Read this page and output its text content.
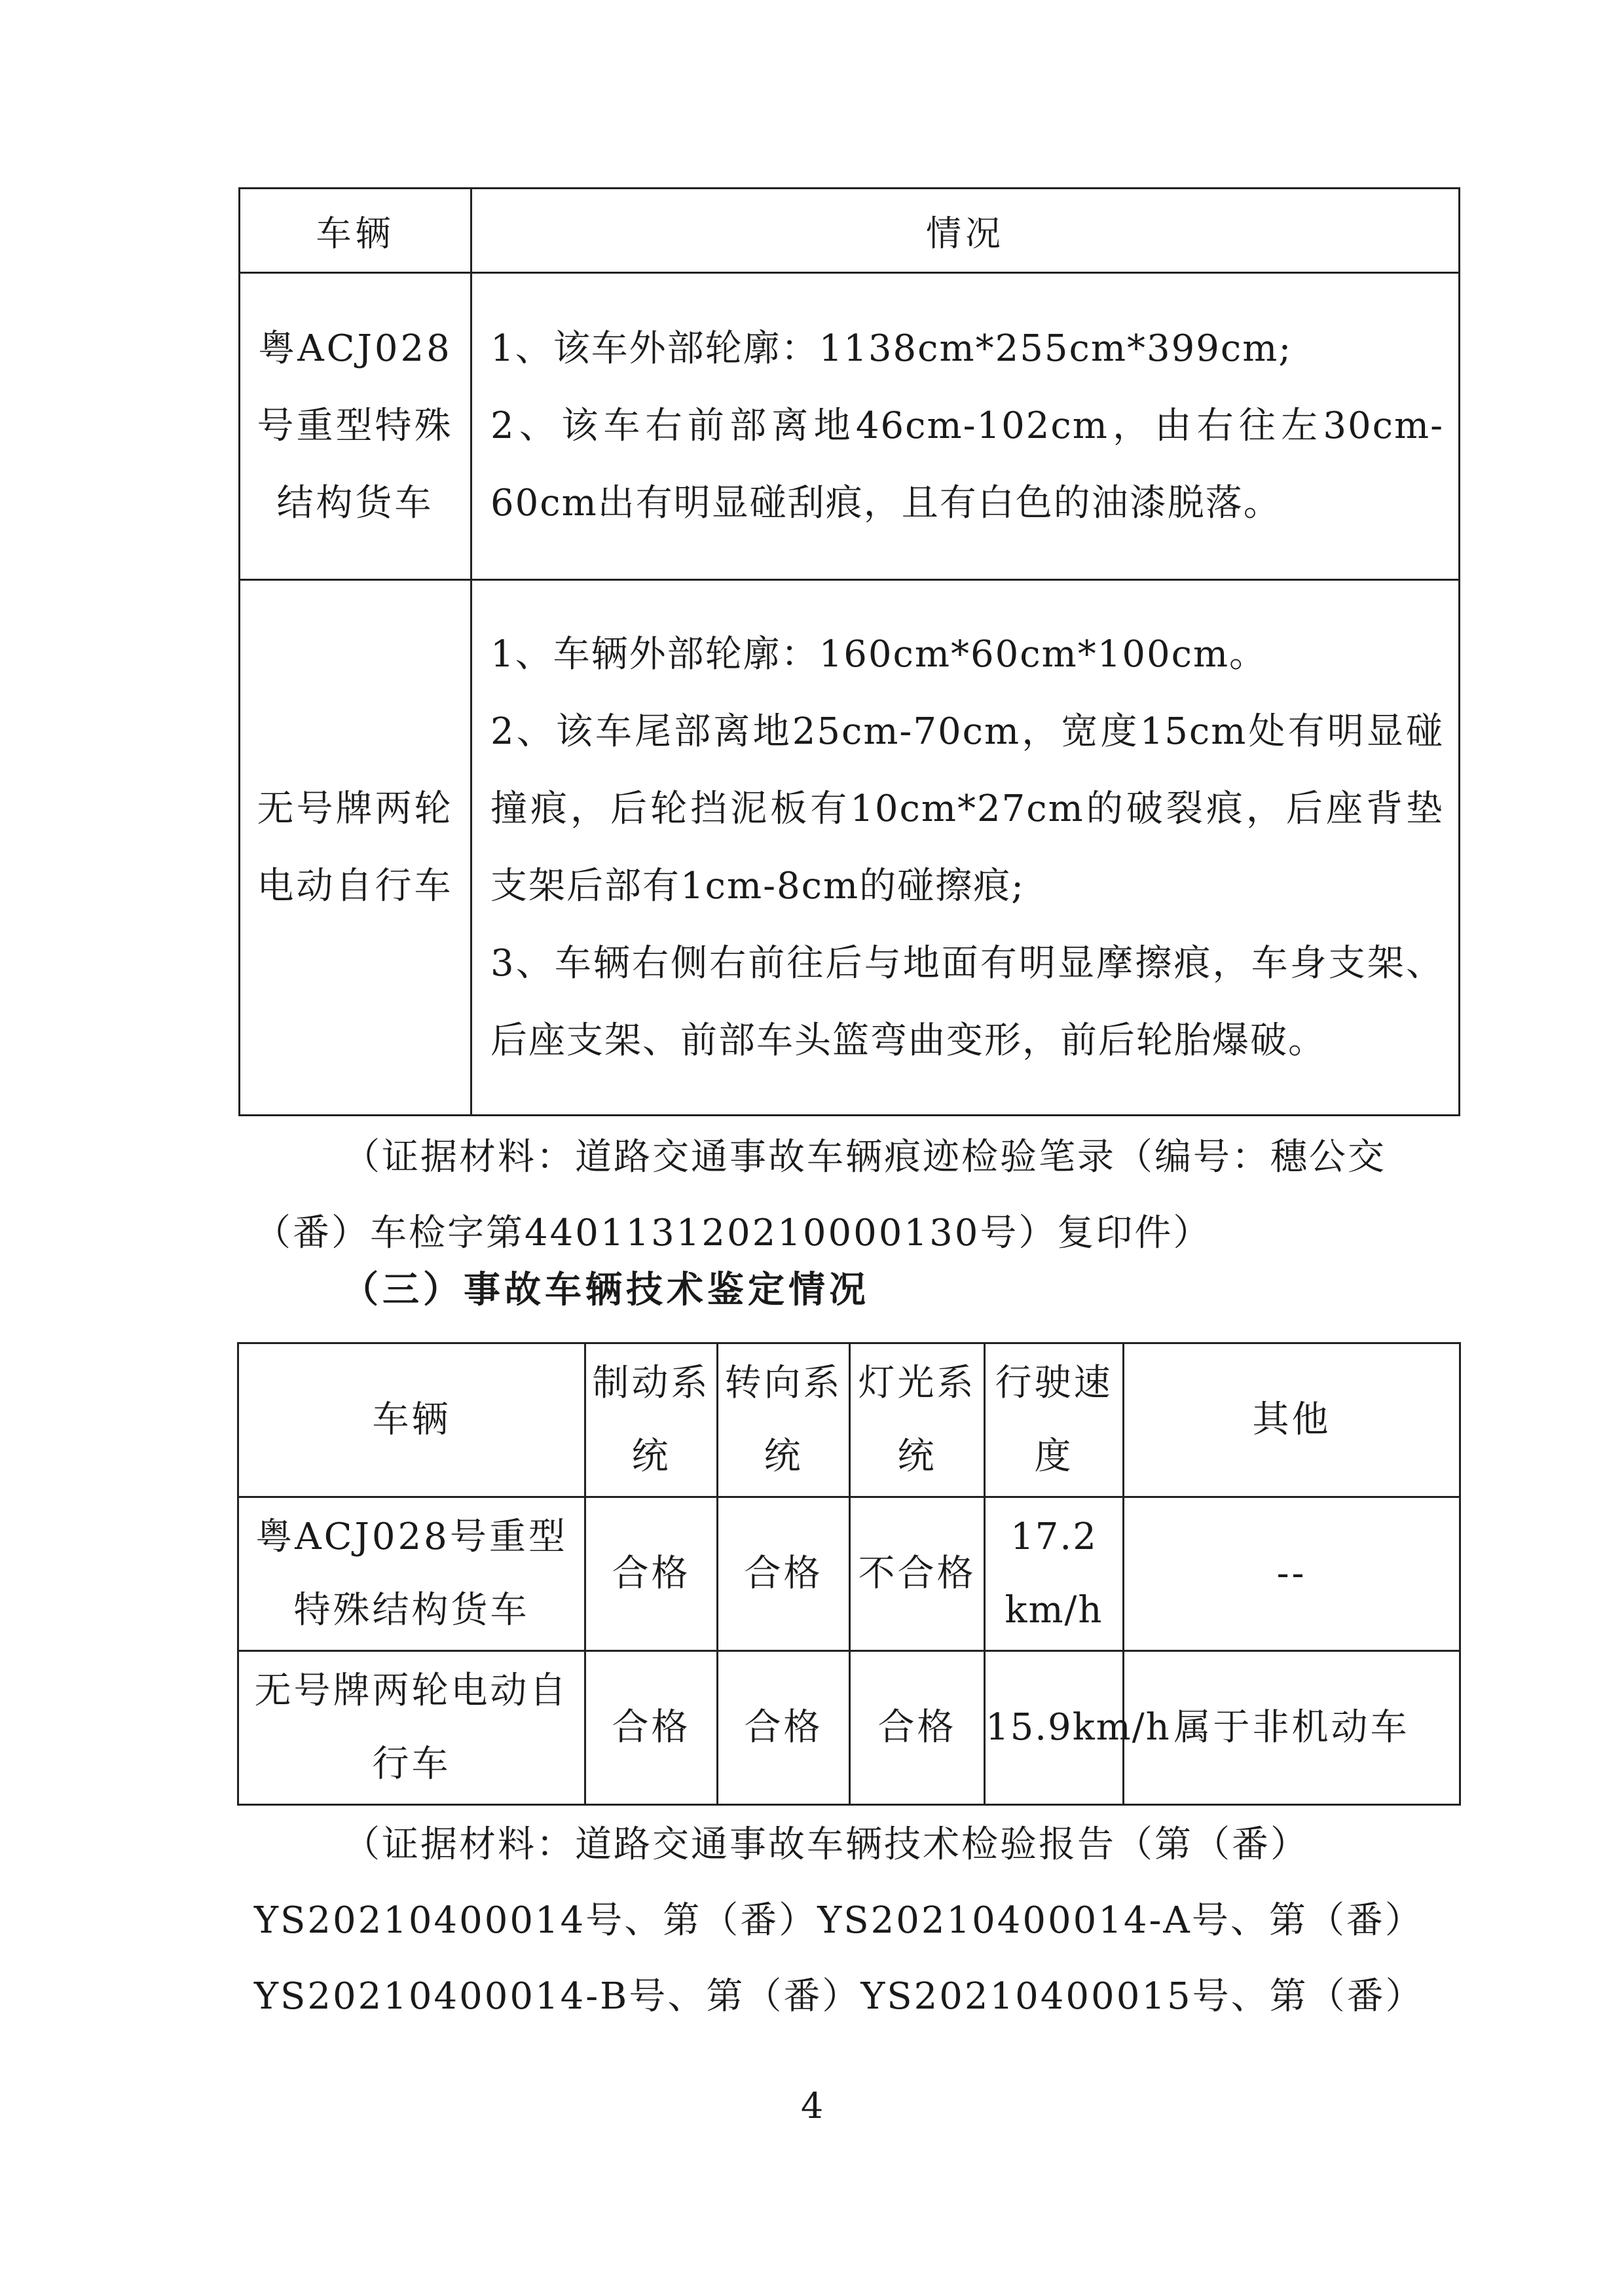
车辆	情况
粤ACJ028号重型特殊结构货车	1、该车外部轮廓：1138cm*255cm*399cm;

2、该车右前部离地46cm-102cm，由右往左30cm-60cm出有明显碰刮痕，且有白色的油漆脱落。

无号牌两轮电动自行车	1、车辆外部轮廓：160cm*60cm*100cm。

2、该车尾部离地25cm-70cm，宽度15cm处有明显碰撞痕，后轮挡泥板有10cm*27cm的破裂痕，后座背垫支架后部有1cm-8cm的碰擦痕;

3、车辆右侧右前往后与地面有明显摩擦痕，车身支架、后座支架、前部车头篮弯曲变形，前后轮胎爆破。

（证据材料：道路交通事故车辆痕迹检验笔录（编号：穗公交（番）车检字第440113120210000130号）复印件）

（三）事故车辆技术鉴定情况

车辆	制动系统	转向系统	灯光系统	行驶速度	其他
粤ACJ028号重型特殊结构货车	合格	合格	不合格	17.2 km/h	--
无号牌两轮电动自行车	合格	合格	合格	15.9km/h	属于非机动车

（证据材料：道路交通事故车辆技术检验报告（第（番）YS20210400014号、第（番）YS20210400014-A号、第（番）YS20210400014-B号、第（番）YS20210400015号、第（番）

4
